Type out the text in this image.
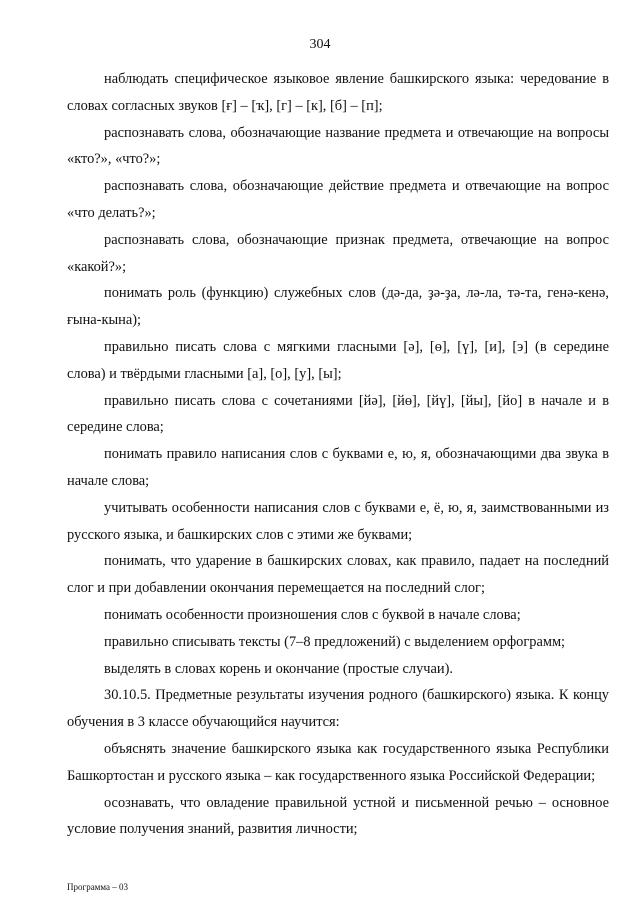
304

наблюдать специфическое языковое явление башкирского языка: чередование в словах согласных звуков [ғ] – [ҡ], [г] – [к], [б] – [п];

распознавать слова, обозначающие название предмета и отвечающие на вопросы «кто?», «что?»;

распознавать слова, обозначающие действие предмета и отвечающие на вопрос «что делать?»;

распознавать слова, обозначающие признак предмета, отвечающие на вопрос «какой?»;

понимать роль (функцию) служебных слов (дә-да, ҙә-ҙа, лә-ла, тә-та, генә-кенә, ғына-кына);

правильно писать слова с мягкими гласными [ә], [ө], [ү], [и], [э] (в середине слова) и твёрдыми гласными [а], [о], [у], [ы];

правильно писать слова с сочетаниями [йә], [йө], [йү], [йы], [йо] в начале и в середине слова;

понимать правило написания слов с буквами е, ю, я, обозначающими два звука в начале слова;

учитывать особенности написания слов с буквами е, ё, ю, я, заимствованными из русского языка, и башкирских слов с этими же буквами;

понимать, что ударение в башкирских словах, как правило, падает на последний слог и при добавлении окончания перемещается на последний слог;

понимать особенности произношения слов с буквой в начале слова;

правильно списывать тексты (7–8 предложений) с выделением орфограмм;

выделять в словах корень и окончание (простые случаи).

30.10.5. Предметные результаты изучения родного (башкирского) языка. К концу обучения в 3 классе обучающийся научится:

объяснять значение башкирского языка как государственного языка Республики Башкортостан и русского языка – как государственного языка Российской Федерации;

осознавать, что овладение правильной устной и письменной речью – основное условие получения знаний, развития личности;

Программа – 03
